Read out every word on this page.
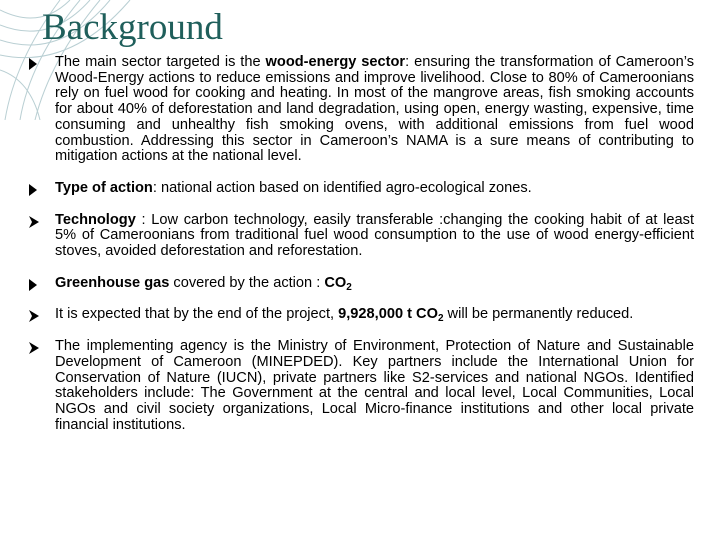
Background
The main sector targeted is the wood-energy sector: ensuring the transformation of Cameroon’s Wood-Energy actions to reduce emissions and improve livelihood. Close to 80% of Cameroonians rely on fuel wood for cooking and heating. In most of the mangrove areas, fish smoking accounts for about 40% of deforestation and land degradation, using open, energy wasting, expensive, time consuming and unhealthy fish smoking ovens, with additional emissions from fuel wood combustion. Addressing this sector in Cameroon’s NAMA is a sure means of contributing to mitigation actions at the national level.
Type of action: national action based on identified agro-ecological zones.
Technology : Low carbon technology, easily transferable :changing the cooking habit of at least 5% of Cameroonians from traditional fuel wood consumption to the use of wood energy-efficient stoves, avoided deforestation and reforestation.
Greenhouse gas covered by the action : $CO_2$
It is expected that by the end of the project, 9,928,000 t $CO_2$ will be permanently reduced.
The implementing agency is the Ministry of Environment, Protection of Nature and Sustainable Development of Cameroon (MINEPDED). Key partners include the International Union for Conservation of Nature (IUCN), private partners like S2-services and national NGOs. Identified stakeholders include: The Government at the central and local level, Local Communities, Local NGOs and civil society organizations, Local Micro-finance institutions and other local private financial institutions.
